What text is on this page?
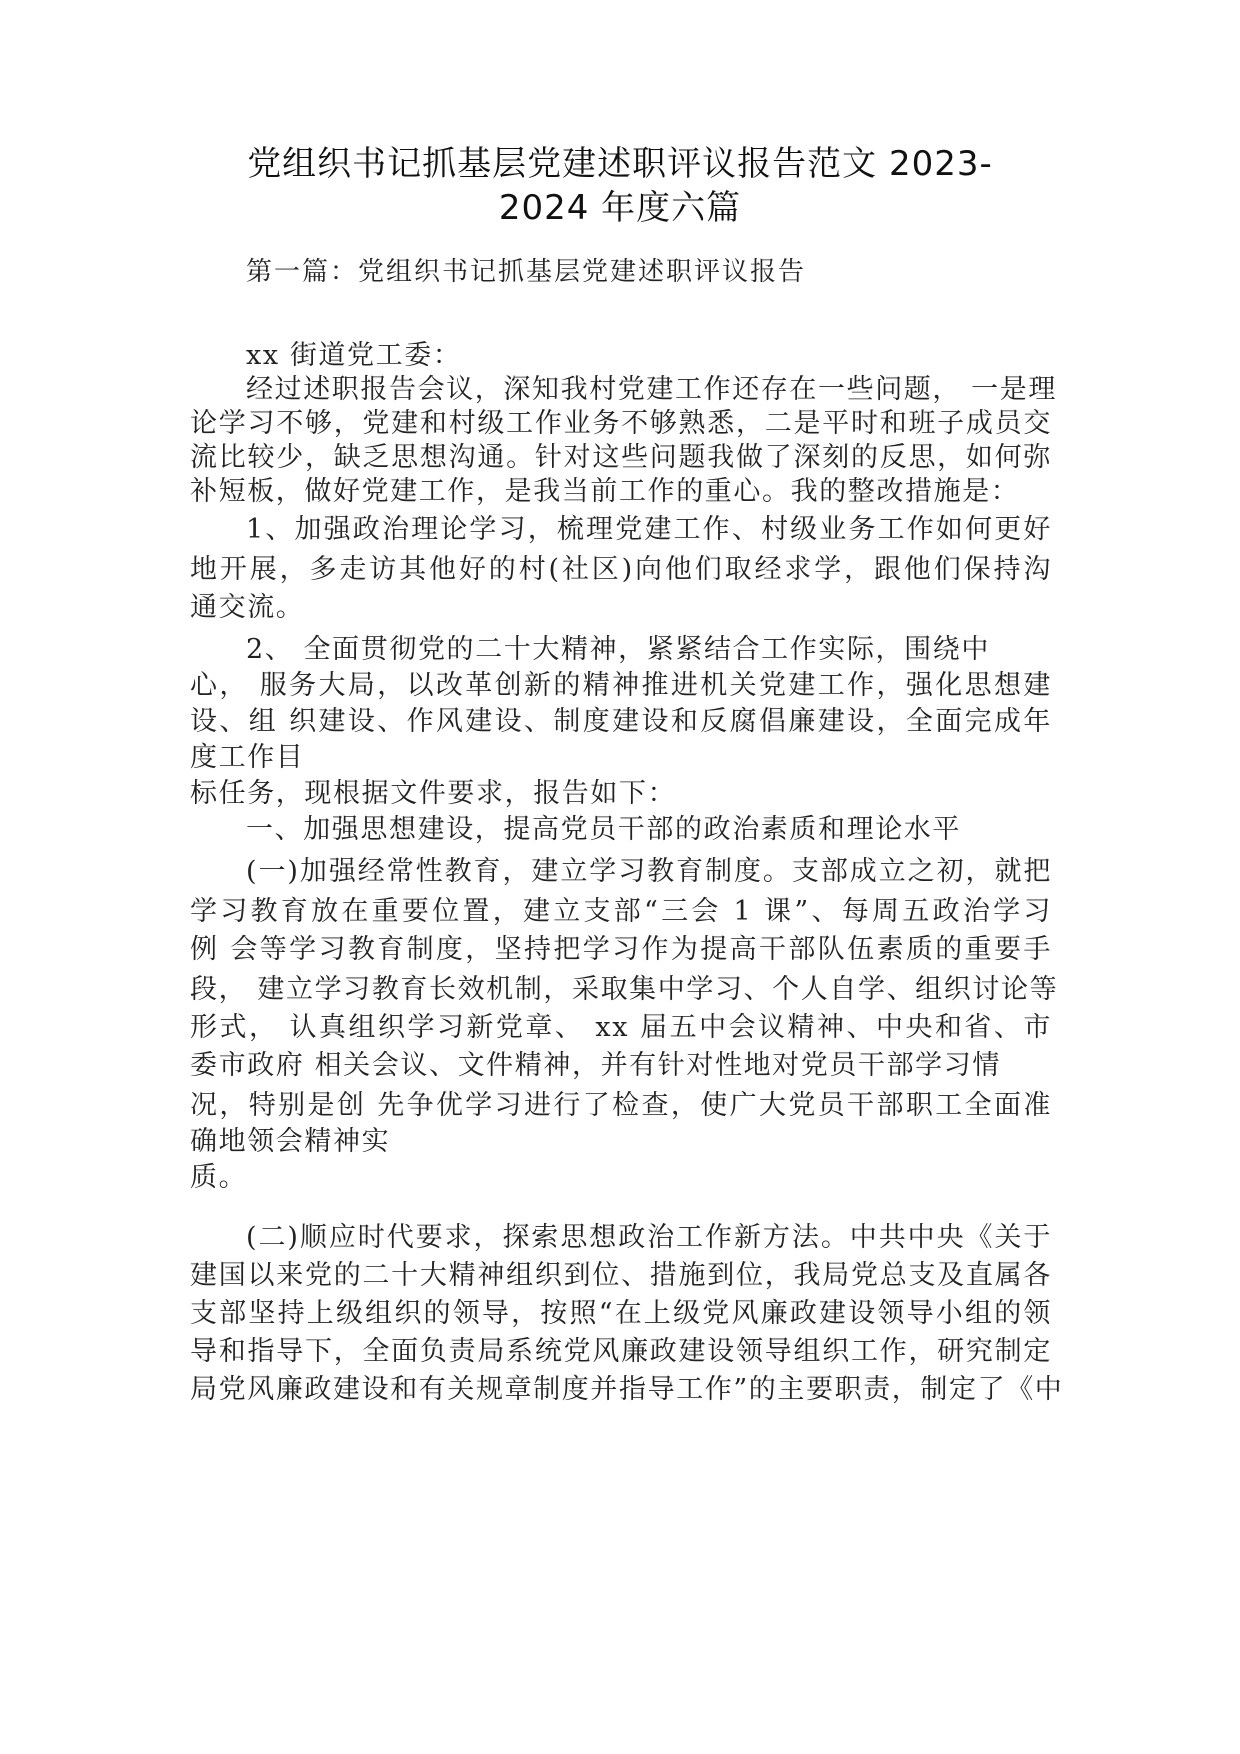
党组织书记抓基层党建述职评议报告范文 2023-
2024 年度六篇
第一篇：党组织书记抓基层党建述职评议报告
xx 街道党工委：
经过述职报告会议，深知我村党建工作还存在一些问题， 一是理
论学习不够，党建和村级工作业务不够熟悉，二是平时和班子成员交
流比较少，缺乏思想沟通。针对这些问题我做了深刻的反思，如何弥
补短板，做好党建工作，是我当前工作的重心。我的整改措施是：
1、加强政治理论学习，梳理党建工作、村级业务工作如何更好
地开展，多走访其他好的村(社区)向他们取经求学，跟他们保持沟
通交流。
2、 全面贯彻党的二十大精神，紧紧结合工作实际，围绕中
心， 服务大局，以改革创新的精神推进机关党建工作，强化思想建
设、组 织建设、作风建设、制度建设和反腐倡廉建设，全面完成年
度工作目
标任务，现根据文件要求，报告如下：
一、加强思想建设，提高党员干部的政治素质和理论水平
(一)加强经常性教育，建立学习教育制度。支部成立之初，就把
学习教育放在重要位置，建立支部“三会 1 课”、每周五政治学习
例 会等学习教育制度，坚持把学习作为提高干部队伍素质的重要手
段， 建立学习教育长效机制，采取集中学习、个人自学、组织讨论等
形式， 认真组织学习新党章、 xx 届五中会议精神、中央和省、市
委市政府 相关会议、文件精神，并有针对性地对党员干部学习情
况，特别是创 先争优学习进行了检查，使广大党员干部职工全面准
确地领会精神实
质。
(二)顺应时代要求，探索思想政治工作新方法。中共中央《关于
建国以来党的二十大精神组织到位、措施到位，我局党总支及直属各
支部坚持上级组织的领导，按照“在上级党风廉政建设领导小组的领
导和指导下，全面负责局系统党风廉政建设领导组织工作，研究制定
局党风廉政建设和有关规章制度并指导工作”的主要职责，制定了《中
